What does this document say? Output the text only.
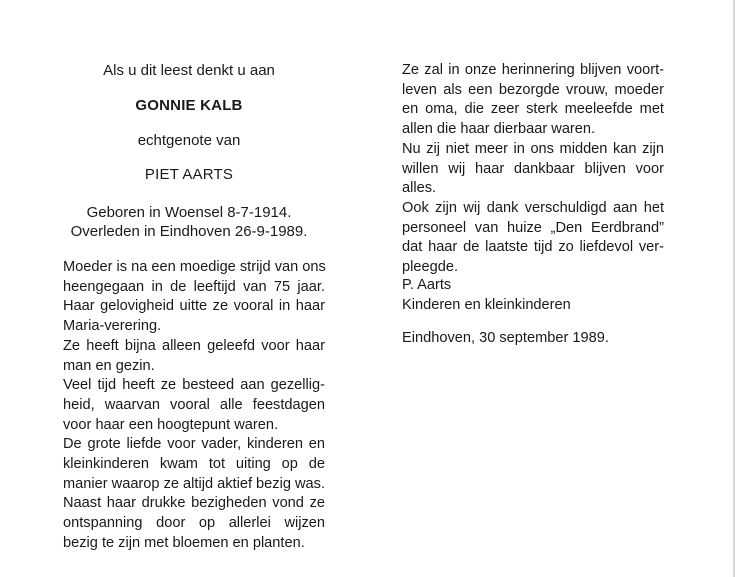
Als u dit leest denkt u aan
GONNIE KALB
echtgenote van
PIET AARTS
Geboren in Woensel 8-7-1914.
Overleden in Eindhoven 26-9-1989.
Moeder is na een moedige strijd van ons
heengegaan in de leeftijd van 75 jaar.
Haar gelovigheid uitte ze vooral in haar
Maria-verering.
Ze heeft bijna alleen geleefd voor haar
man en gezin.
Veel tijd heeft ze besteed aan gezellig-
heid, waarvan vooral alle feestdagen
voor haar een hoogtepunt waren.
De grote liefde voor vader, kinderen en
kleinkinderen kwam tot uiting op de
manier waarop ze altijd aktief bezig was.
Naast haar drukke bezigheden vond ze
ontspanning door op allerlei wijzen
bezig te zijn met bloemen en planten.
Ze zal in onze herinnering blijven voort-
leven als een bezorgde vrouw, moeder
en oma, die zeer sterk meeleefde met
allen die haar dierbaar waren.
Nu zij niet meer in ons midden kan zijn
willen wij haar dankbaar blijven voor
alles.
Ook zijn wij dank verschuldigd aan het
personeel van huize „Den Eerdbrand”
dat haar de laatste tijd zo liefdevol ver-
pleegde.
P. Aarts
Kinderen en kleinkinderen
Eindhoven, 30 september 1989.
